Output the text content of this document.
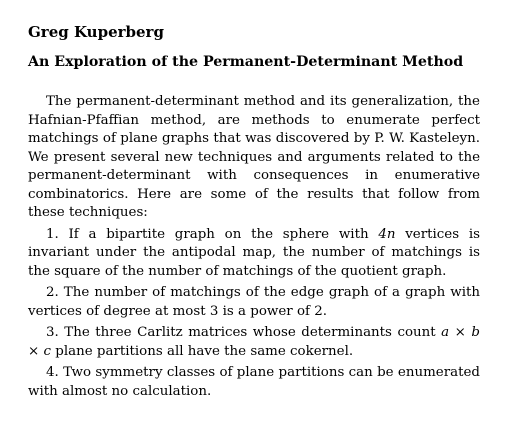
Greg Kuperberg
An Exploration of the Permanent-Determinant Method

The permanent-determinant method and its generalization, the Hafnian-Pfaffian method, are methods to enumerate perfect matchings of plane graphs that was discovered by P. W. Kasteleyn. We present several new techniques and arguments related to the permanent-determinant with consequences in enumerative combinatorics. Here are some of the results that follow from these techniques:

1. If a bipartite graph on the sphere with 4n vertices is invariant under the antipodal map, the number of matchings is the square of the number of matchings of the quotient graph.

2. The number of matchings of the edge graph of a graph with vertices of degree at most 3 is a power of 2.

3. The three Carlitz matrices whose determinants count a × b × c plane partitions all have the same cokernel.

4. Two symmetry classes of plane partitions can be enumerated with almost no calculation.
